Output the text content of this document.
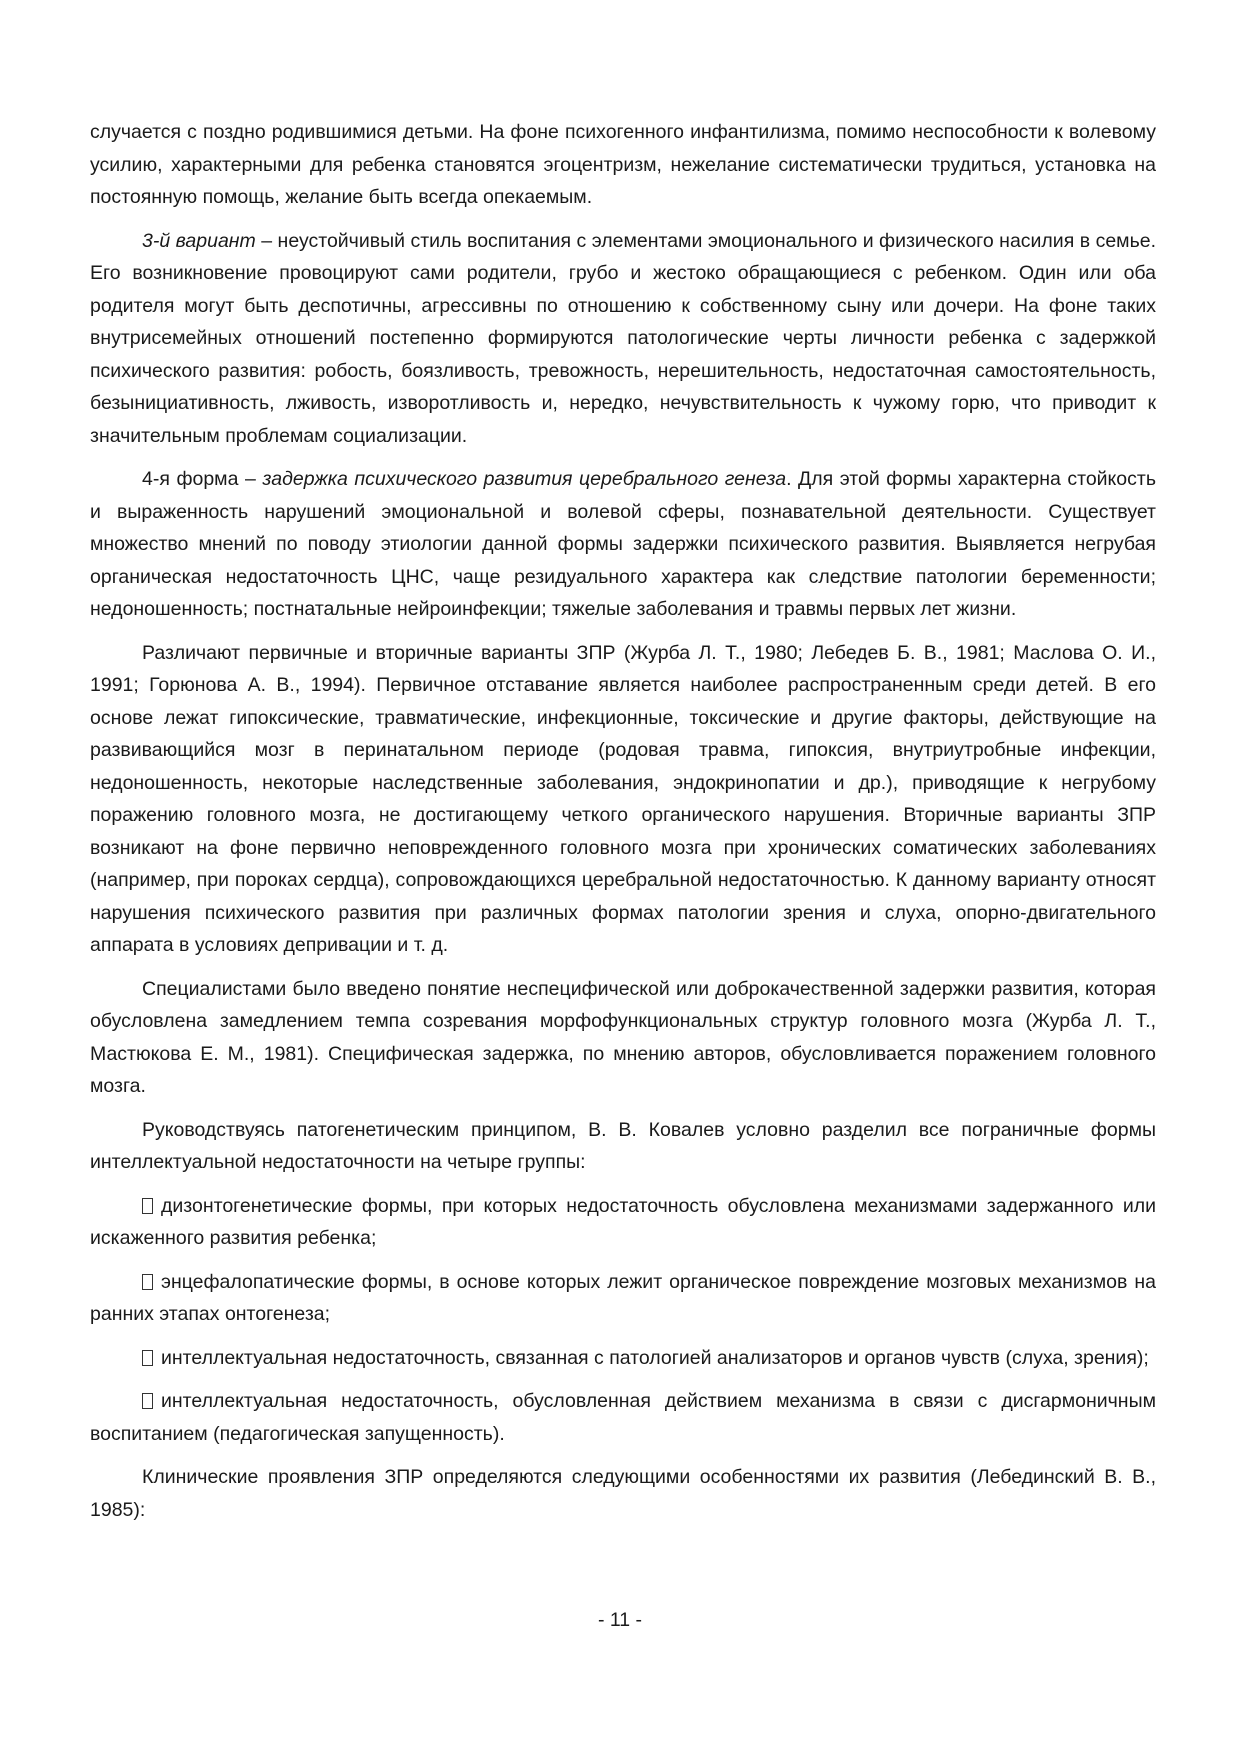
случается с поздно родившимися детьми. На фоне психогенного инфантилизма, помимо неспособности к волевому усилию, характерными для ребенка становятся эгоцентризм, нежелание систематически трудиться, установка на постоянную помощь, желание быть всегда опекаемым.

3-й вариант – неустойчивый стиль воспитания с элементами эмоционального и физического насилия в семье. Его возникновение провоцируют сами родители, грубо и жестоко обращающиеся с ребенком. Один или оба родителя могут быть деспотичны, агрессивны по отношению к собственному сыну или дочери. На фоне таких внутрисемейных отношений постепенно формируются патологические черты личности ребенка с задержкой психического развития: робость, боязливость, тревожность, нерешительность, недостаточная самостоятельность, безынициативность, лживость, изворотливость и, нередко, нечувствительность к чужому горю, что приводит к значительным проблемам социализации.

4-я форма – задержка психического развития церебрального генеза. Для этой формы характерна стойкость и выраженность нарушений эмоциональной и волевой сферы, познавательной деятельности. Существует множество мнений по поводу этиологии данной формы задержки психического развития. Выявляется негрубая органическая недостаточность ЦНС, чаще резидуального характера как следствие патологии беременности; недоношенность; постнатальные нейроинфекции; тяжелые заболевания и травмы первых лет жизни.

Различают первичные и вторичные варианты ЗПР (Журба Л. Т., 1980; Лебедев Б. В., 1981; Маслова О. И., 1991; Горюнова А. В., 1994). Первичное отставание является наиболее распространенным среди детей. В его основе лежат гипоксические, травматические, инфекционные, токсические и другие факторы, действующие на развивающийся мозг в перинатальном периоде (родовая травма, гипоксия, внутриутробные инфекции, недоношенность, некоторые наследственные заболевания, эндокринопатии и др.), приводящие к негрубому поражению головного мозга, не достигающему четкого органического нарушения. Вторичные варианты ЗПР возникают на фоне первично неповрежденного головного мозга при хронических соматических заболеваниях (например, при пороках сердца), сопровождающихся церебральной недостаточностью. К данному варианту относят нарушения психического развития при различных формах патологии зрения и слуха, опорно-двигательного аппарата в условиях депривации и т. д.

Специалистами было введено понятие неспецифической или доброкачественной задержки развития, которая обусловлена замедлением темпа созревания морфофункциональных структур головного мозга (Журба Л. Т., Мастюкова Е. М., 1981). Специфическая задержка, по мнению авторов, обусловливается поражением головного мозга.

Руководствуясь патогенетическим принципом, В. В. Ковалев условно разделил все пограничные формы интеллектуальной недостаточности на четыре группы:

дизонтогенетические формы, при которых недостаточность обусловлена механизмами задержанного или искаженного развития ребенка;

энцефалопатические формы, в основе которых лежит органическое повреждение мозговых механизмов на ранних этапах онтогенеза;

интеллектуальная недостаточность, связанная с патологией анализаторов и органов чувств (слуха, зрения);

интеллектуальная недостаточность, обусловленная действием механизма в связи с дисгармоничным воспитанием (педагогическая запущенность).

Клинические проявления ЗПР определяются следующими особенностями их развития (Лебединский В. В., 1985):

- 11 -
